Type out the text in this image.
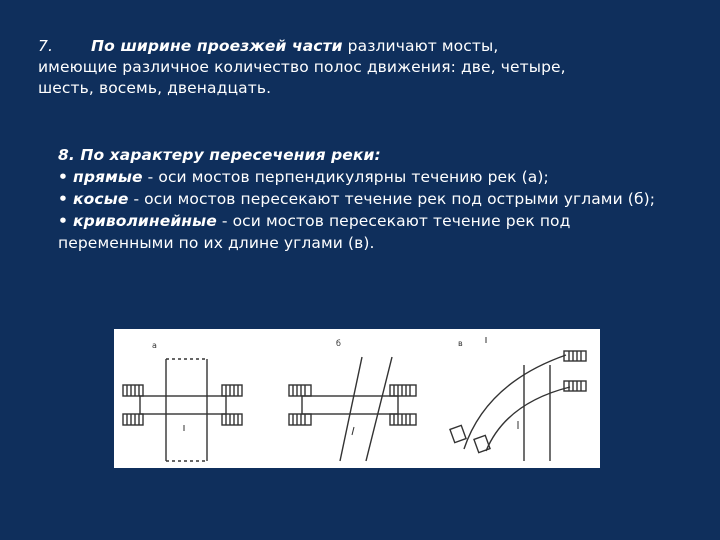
7. По ширине проезжей части различают мосты,
имеющие различное количество полос движения: две, четыре,
шесть, восемь, двенадцать.
8. По характеру пересечения реки:
• прямые - оси мостов перпендикулярны течению рек (а);
• косые - оси мостов пересекают течение рек под острыми углами (б);
• криволинейные - оси мостов пересекают течение рек под переменными по их длине углами (в).
а	б	в
